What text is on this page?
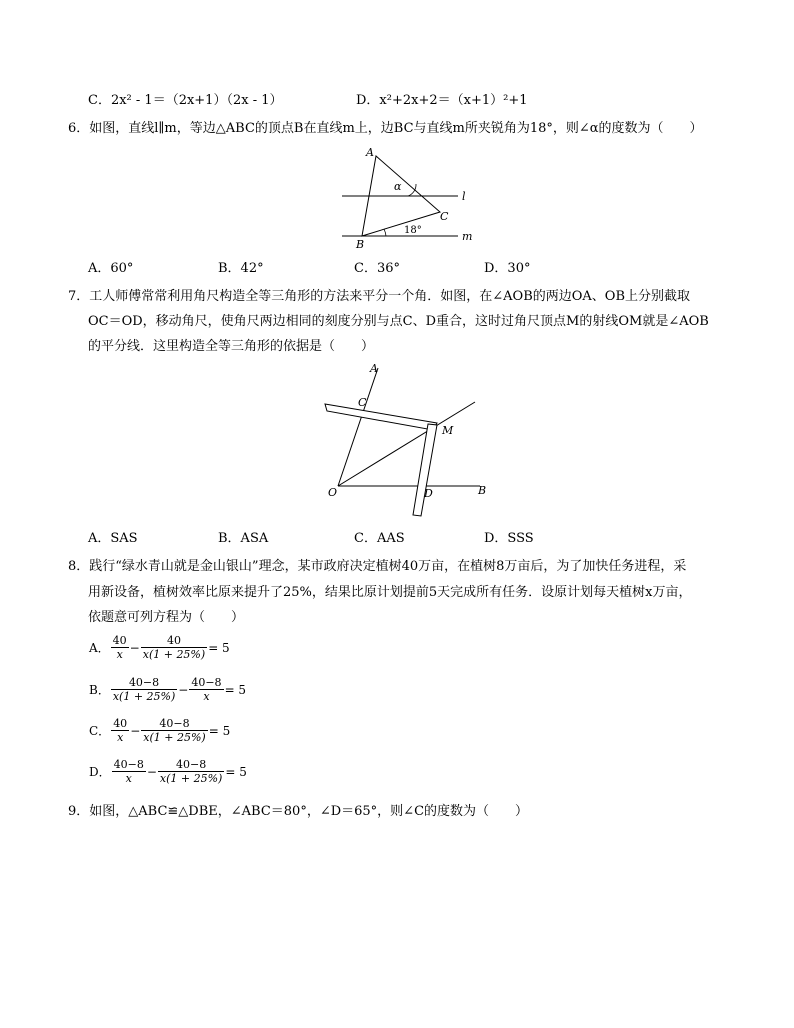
C．2x² - 1＝（2x+1）（2x - 1）	D．x²+2x+2＝（x+1）²+1
6．如图，直线l∥m，等边△ABC的顶点B在直线m上，边BC与直线m所夹锐角为18°，则∠α的度数为（　　）
A
B
C
α
18°
l
m
A．60°	B．42°	C．36°	D．30°
7．工人师傅常常利用角尺构造全等三角形的方法来平分一个角．如图，在∠AOB的两边OA、OB上分别截取
OC＝OD，移动角尺，使角尺两边相同的刻度分别与点C、D重合，这时过角尺顶点M的射线OM就是∠AOB
的平分线．这里构造全等三角形的依据是（　　）
A
C
M
O	D	B
A．SAS	B．ASA	C．AAS	D．SSS
8．践行“绿水青山就是金山银山”理念，某市政府决定植树40万亩，在植树8万亩后，为了加快任务进程，采
用新设备，植树效率比原来提升了25%，结果比原计划提前5天完成所有任务．设原计划每天植树x万亩，
依题意可列方程为（　　）
A． $\frac{40}{x} - \frac{40}{x(1 + 25\%)} = 5$
B． $\frac{40-8}{x(1 + 25\%)} - \frac{40-8}{x} = 5$
C． $\frac{40}{x} - \frac{40-8}{x(1 + 25\%)} = 5$
D． $\frac{40-8}{x} - \frac{40-8}{x(1 + 25\%)} = 5$
9．如图，△ABC≌△DBE，∠ABC＝80°，∠D＝65°，则∠C的度数为（　　）
